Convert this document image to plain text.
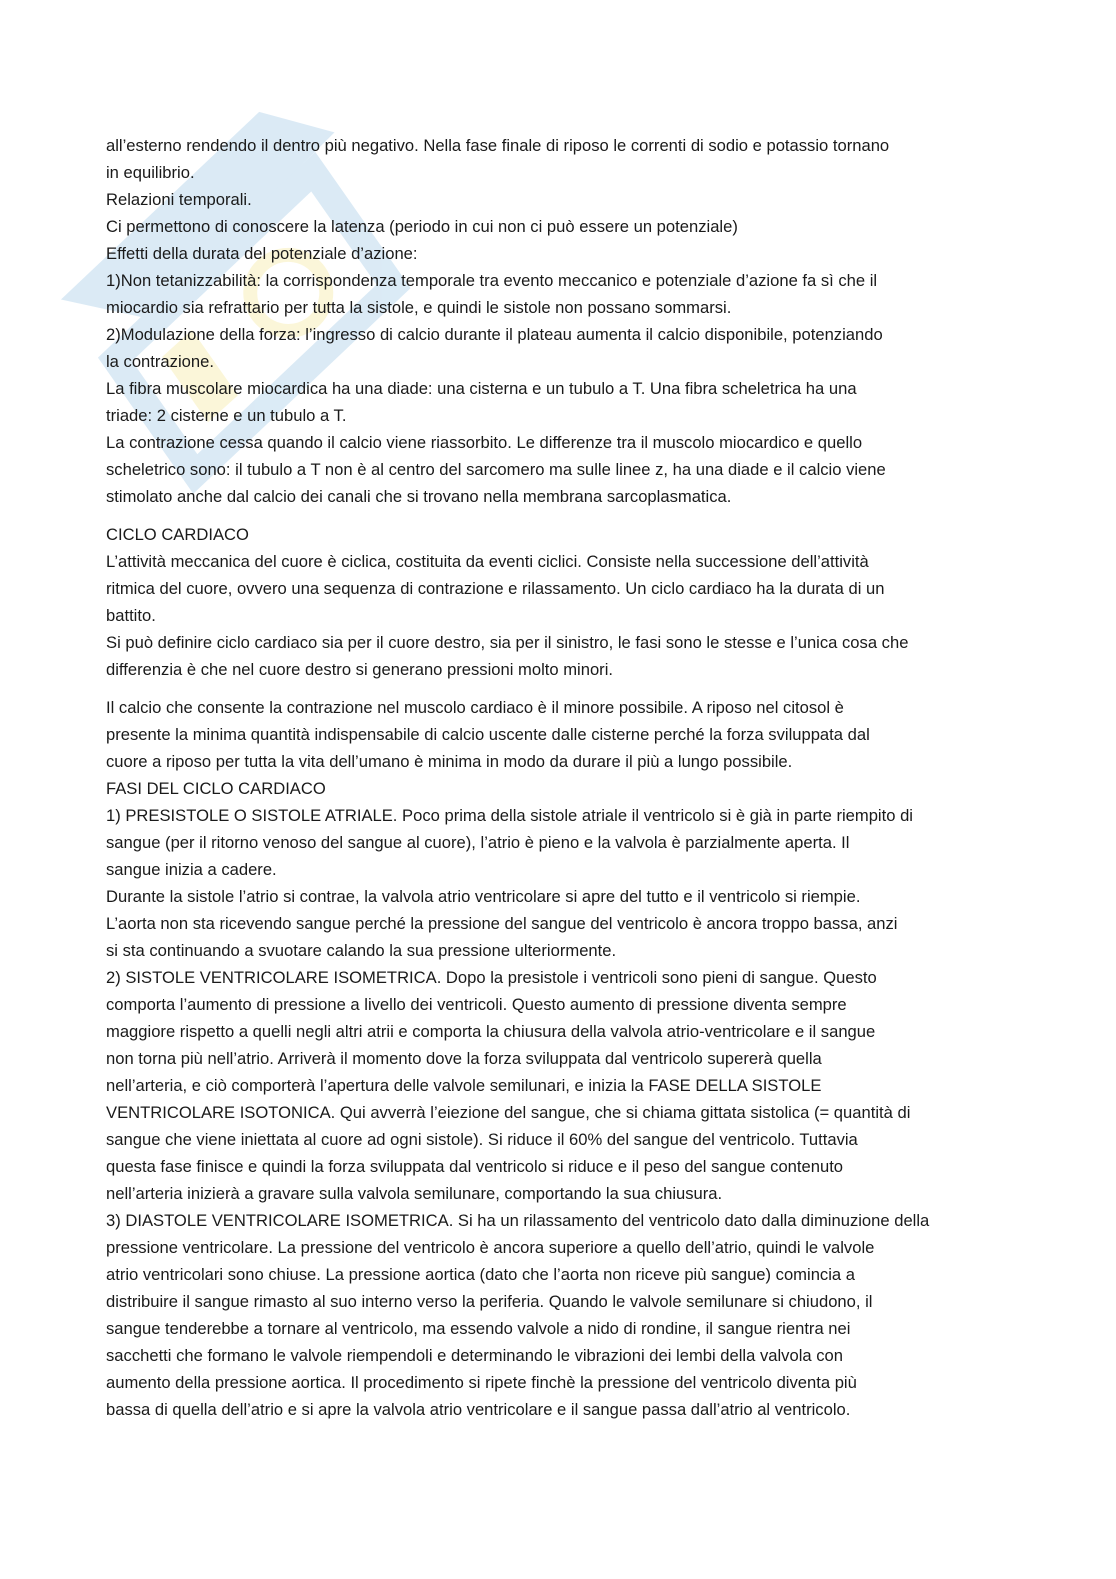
all’esterno rendendo il dentro più negativo. Nella fase finale di riposo le correnti di sodio e potassio tornano

in equilibrio.

Relazioni temporali.

Ci permettono di conoscere la latenza (periodo in cui non ci può essere un potenziale)

Effetti della durata del potenziale d’azione:

1)Non tetanizzabilità: la corrispondenza temporale tra evento meccanico e potenziale d’azione fa sì che il

miocardio sia refrattario per tutta la sistole, e quindi le sistole non possano sommarsi.

2)Modulazione della forza: l’ingresso di calcio durante il plateau aumenta il calcio disponibile, potenziando

la contrazione.

La fibra muscolare miocardica ha una diade: una cisterna e un tubulo a T. Una fibra scheletrica ha una

triade: 2 cisterne e un tubulo a T.

La contrazione cessa quando il calcio viene riassorbito. Le differenze tra il muscolo miocardico e quello

scheletrico sono: il tubulo a T non è al centro del sarcomero ma sulle linee z, ha una diade e il calcio viene

stimolato anche dal calcio dei canali che si trovano nella membrana sarcoplasmatica.

CICLO CARDIACO

L’attività meccanica del cuore è ciclica, costituita da eventi ciclici. Consiste nella successione dell’attività

ritmica del cuore, ovvero una sequenza di contrazione e rilassamento. Un ciclo cardiaco ha la durata di un

battito.

Si può definire ciclo cardiaco sia per il cuore destro, sia per il sinistro, le fasi sono le stesse e l’unica cosa che

differenzia è che nel cuore destro si generano pressioni molto minori.

Il calcio che consente la contrazione nel muscolo cardiaco è il minore possibile. A riposo nel citosol è

presente la minima quantità indispensabile di calcio uscente dalle cisterne perché la forza sviluppata dal

cuore a riposo per tutta la vita dell’umano è minima in modo da durare il più a lungo possibile.

FASI DEL CICLO CARDIACO

1) PRESISTOLE O SISTOLE ATRIALE. Poco prima della sistole atriale il ventricolo si è già in parte riempito di

sangue (per il ritorno venoso del sangue al cuore), l’atrio è pieno e la valvola è parzialmente aperta. Il

sangue inizia a cadere.

Durante la sistole l’atrio si contrae, la valvola atrio ventricolare si apre del tutto e il ventricolo si riempie.

L’aorta non sta ricevendo sangue perché la pressione del sangue del ventricolo è ancora troppo bassa, anzi

si sta continuando a svuotare calando la sua pressione ulteriormente.

2) SISTOLE VENTRICOLARE ISOMETRICA. Dopo la presistole i ventricoli sono pieni di sangue. Questo

comporta l’aumento di pressione a livello dei ventricoli. Questo aumento di pressione diventa sempre

maggiore rispetto a quelli negli altri atrii e comporta la chiusura della valvola atrio-ventricolare e il sangue

non torna più nell’atrio. Arriverà il momento dove la forza sviluppata dal ventricolo supererà quella

nell’arteria, e ciò comporterà l’apertura delle valvole semilunari, e inizia la FASE DELLA SISTOLE

VENTRICOLARE ISOTONICA. Qui avverrà l’eiezione del sangue, che si chiama gittata sistolica (= quantità di

sangue che viene iniettata al cuore ad ogni sistole). Si riduce il 60% del sangue del ventricolo. Tuttavia

questa fase finisce e quindi la forza sviluppata dal ventricolo si riduce e il peso del sangue contenuto

nell’arteria inizierà a gravare sulla valvola semilunare, comportando la sua chiusura.

3) DIASTOLE VENTRICOLARE ISOMETRICA. Si ha un rilassamento del ventricolo dato dalla diminuzione della

pressione ventricolare. La pressione del ventricolo è ancora superiore a quello dell’atrio, quindi le valvole

atrio ventricolari sono chiuse. La pressione aortica (dato che l’aorta non riceve più sangue) comincia a

distribuire il sangue rimasto al suo interno verso la periferia. Quando le valvole semilunare si chiudono, il

sangue tenderebbe a tornare al ventricolo, ma essendo valvole a nido di rondine, il sangue rientra nei

sacchetti che formano le valvole riempendoli e determinando le vibrazioni dei lembi della valvola con

aumento della pressione aortica. Il procedimento si ripete finchè la pressione del ventricolo diventa più

bassa di quella dell’atrio e si apre la valvola atrio ventricolare e il sangue passa dall’atrio al ventricolo.
